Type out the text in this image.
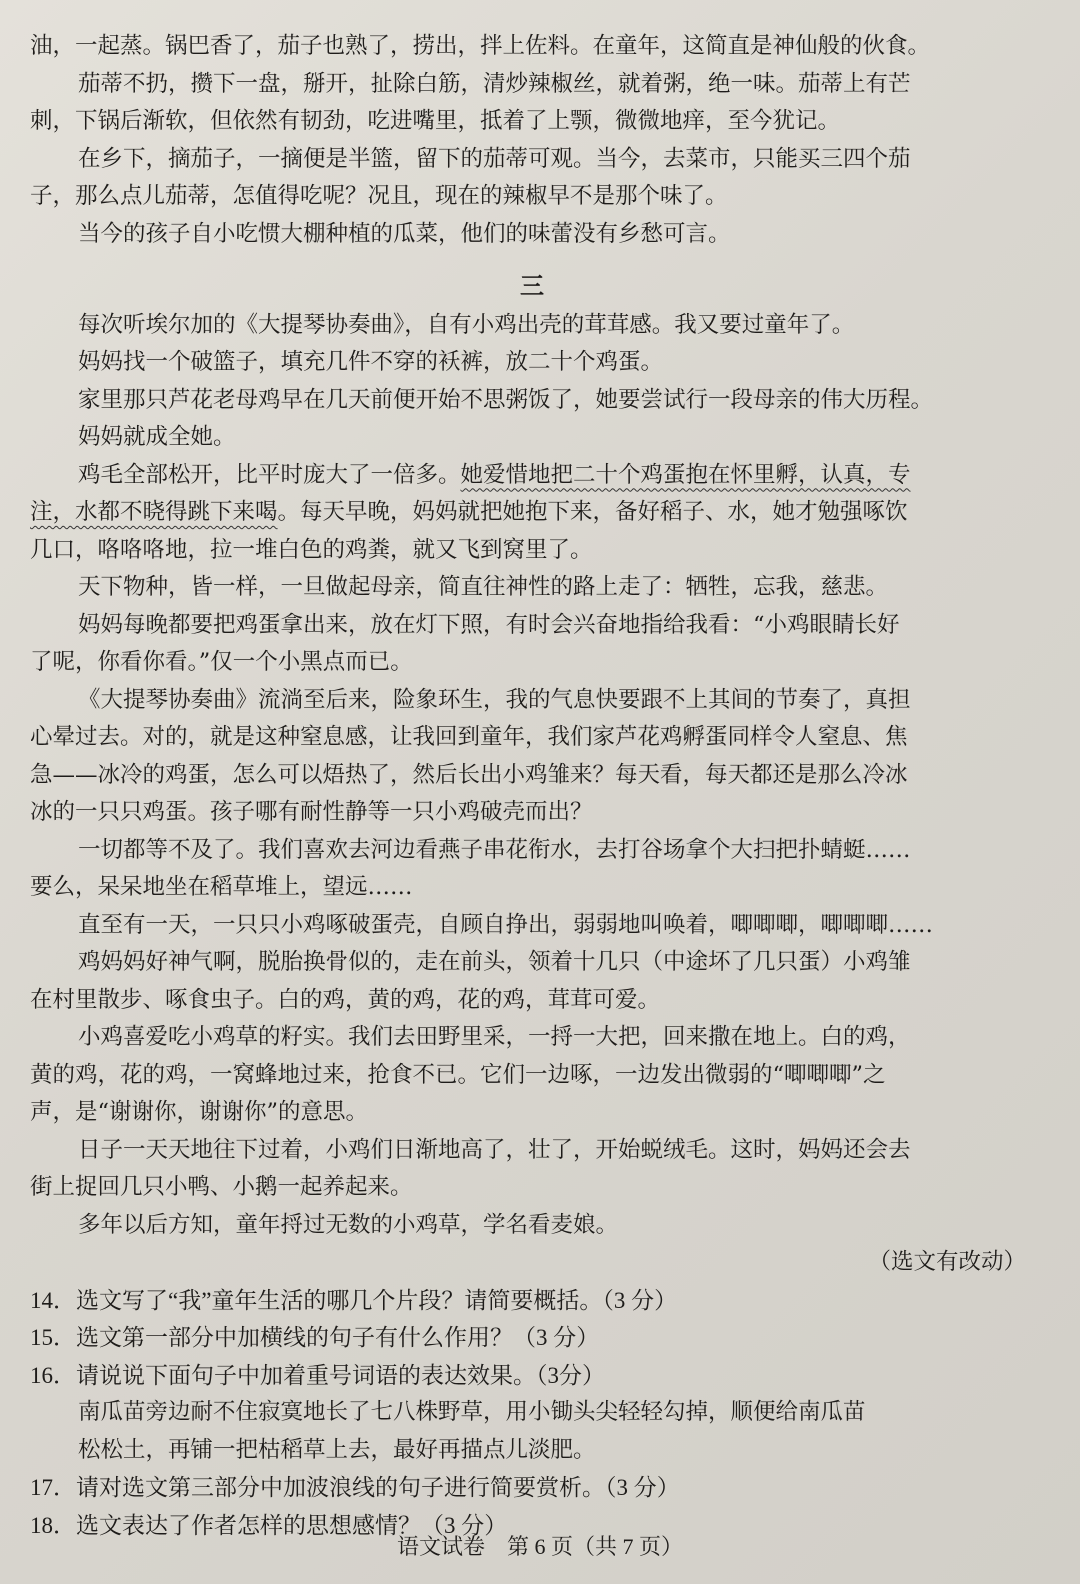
油，一起蒸。锅巴香了，茄子也熟了，捞出，拌上佐料。在童年，这简直是神仙般的伙食。

茄蒂不扔，攒下一盘，掰开，扯除白筋，清炒辣椒丝，就着粥，绝一味。茄蒂上有芒

刺，下锅后渐软，但依然有韧劲，吃进嘴里，抵着了上颚，微微地痒，至今犹记。

在乡下，摘茄子，一摘便是半篮，留下的茄蒂可观。当今，去菜市，只能买三四个茄

子，那么点儿茄蒂，怎值得吃呢？况且，现在的辣椒早不是那个味了。

当今的孩子自小吃惯大棚种植的瓜菜，他们的味蕾没有乡愁可言。

三

每次听埃尔加的《大提琴协奏曲》，自有小鸡出壳的茸茸感。我又要过童年了。

妈妈找一个破篮子，填充几件不穿的袄裤，放二十个鸡蛋。

家里那只芦花老母鸡早在几天前便开始不思粥饭了，她要尝试行一段母亲的伟大历程。

妈妈就成全她。

鸡毛全部松开，比平时庞大了一倍多。她爱惜地把二十个鸡蛋抱在怀里孵，认真，专

注，水都不晓得跳下来喝。每天早晚，妈妈就把她抱下来，备好稻子、水，她才勉强啄饮

几口，咯咯咯地，拉一堆白色的鸡粪，就又飞到窝里了。

天下物种，皆一样，一旦做起母亲，简直往神性的路上走了：牺牲，忘我，慈悲。

妈妈每晚都要把鸡蛋拿出来，放在灯下照，有时会兴奋地指给我看：“小鸡眼睛长好

了呢，你看你看。”仅一个小黑点而已。

《大提琴协奏曲》流淌至后来，险象环生，我的气息快要跟不上其间的节奏了，真担

心晕过去。对的，就是这种窒息感，让我回到童年，我们家芦花鸡孵蛋同样令人窒息、焦

急——冰冷的鸡蛋，怎么可以焐热了，然后长出小鸡雏来？每天看，每天都还是那么冷冰

冰的一只只鸡蛋。孩子哪有耐性静等一只小鸡破壳而出？

一切都等不及了。我们喜欢去河边看燕子串花衔水，去打谷场拿个大扫把扑蜻蜓……

要么，呆呆地坐在稻草堆上，望远……

直至有一天，一只只小鸡啄破蛋壳，自顾自挣出，弱弱地叫唤着，唧唧唧，唧唧唧……

鸡妈妈好神气啊，脱胎换骨似的，走在前头，领着十几只（中途坏了几只蛋）小鸡雏

在村里散步、啄食虫子。白的鸡，黄的鸡，花的鸡，茸茸可爱。

小鸡喜爱吃小鸡草的籽实。我们去田野里采，一捋一大把，回来撒在地上。白的鸡，

黄的鸡，花的鸡，一窝蜂地过来，抢食不已。它们一边啄，一边发出微弱的“唧唧唧”之

声，是“谢谢你，谢谢你”的意思。

日子一天天地往下过着，小鸡们日渐地高了，壮了，开始蜕绒毛。这时，妈妈还会去

街上捉回几只小鸭、小鹅一起养起来。

多年以后方知，童年捋过无数的小鸡草，学名看麦娘。

（选文有改动）

14．选文写了“我”童年生活的哪几个片段？请简要概括。（3 分）

15．选文第一部分中加横线的句子有什么作用？（3 分）

16．请说说下面句子中加着重号词语的表达效果。（3分）

南瓜苗旁边耐不住寂寞地长了七八株野草，用小锄头尖轻轻勾掉，顺便给南瓜苗

松松土，再铺一把枯稻草上去，最好再描点儿淡肥。

17．请对选文第三部分中加波浪线的句子进行简要赏析。（3 分）

18．选文表达了作者怎样的思想感情？（3 分）

语文试卷　第 6 页（共 7 页）
